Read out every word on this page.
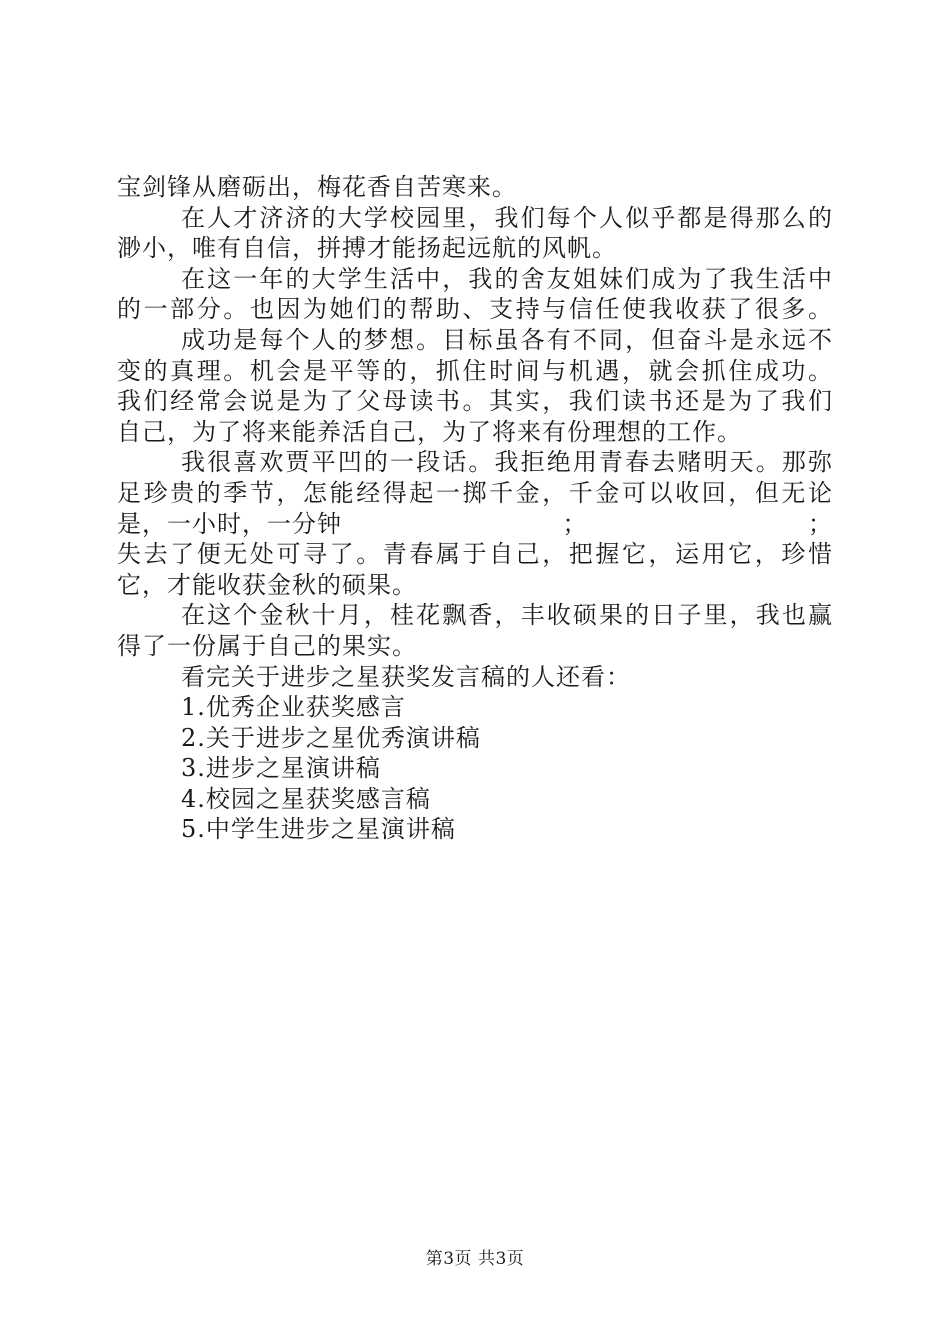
宝剑锋从磨砺出，梅花香自苦寒来。
在人才济济的大学校园里，我们每个人似乎都是得那么的
渺小，唯有自信，拼搏才能扬起远航的风帆。
在这一年的大学生活中，我的舍友姐妹们成为了我生活中
的一部分。也因为她们的帮助、支持与信任使我收获了很多。
成功是每个人的梦想。目标虽各有不同，但奋斗是永远不
变的真理。机会是平等的，抓住时间与机遇，就会抓住成功。
我们经常会说是为了父母读书。其实，我们读书还是为了我们
自己，为了将来能养活自己，为了将来有份理想的工作。
我很喜欢贾平凹的一段话。我拒绝用青春去赌明天。那弥
足珍贵的季节，怎能经得起一掷千金，千金可以收回，但无论
是，一小时，一分钟	；	；
失去了便无处可寻了。青春属于自己，把握它，运用它，珍惜
它，才能收获金秋的硕果。
在这个金秋十月，桂花飘香，丰收硕果的日子里，我也赢
得了一份属于自己的果实。
看完关于进步之星获奖发言稿的人还看：
1.优秀企业获奖感言
2.关于进步之星优秀演讲稿
3.进步之星演讲稿
4.校园之星获奖感言稿
5.中学生进步之星演讲稿
第3页 共3页
